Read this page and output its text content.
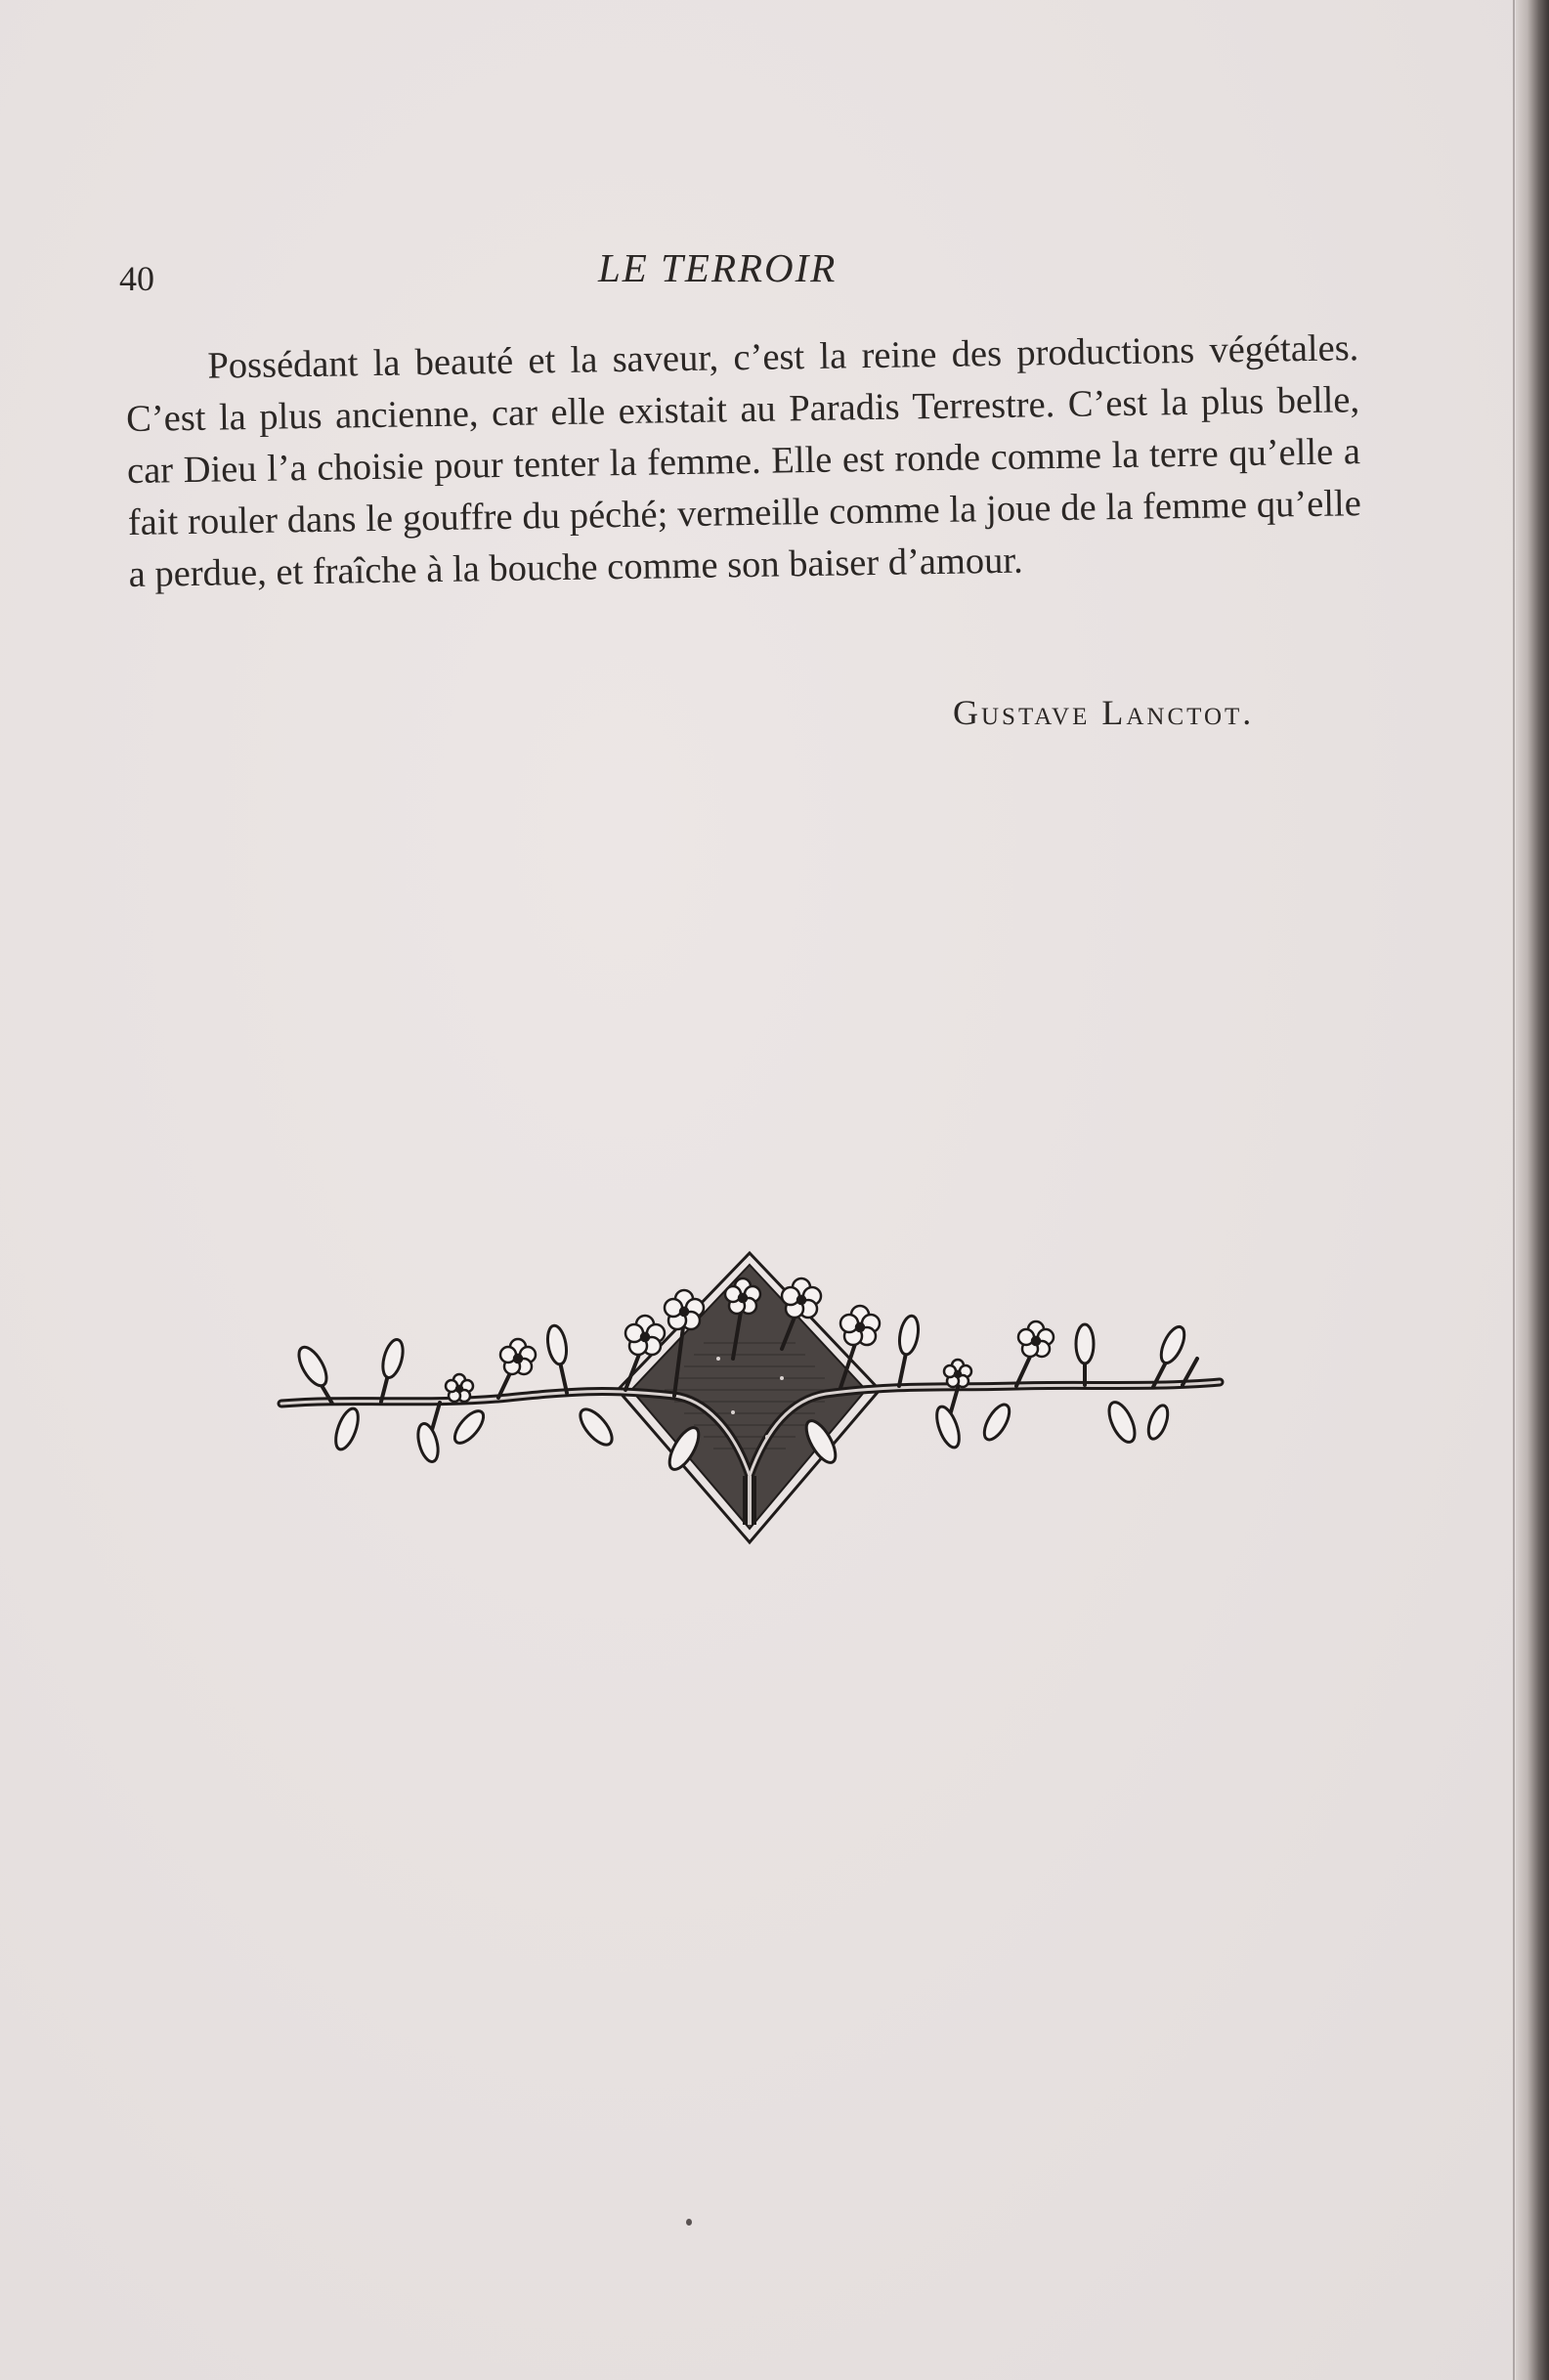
40	LE TERROIR

Possédant la beauté et la saveur, c’est la reine des productions végétales. C’est la plus ancienne, car elle existait au Paradis Terrestre. C’est la plus belle, car Dieu l’a choisie pour tenter la femme. Elle est ronde comme la terre qu’elle a fait rouler dans le gouffre du péché; vermeille comme la joue de la femme qu’elle a perdue, et fraîche à la bouche comme son baiser d’amour.

Gustave Lanctot.
